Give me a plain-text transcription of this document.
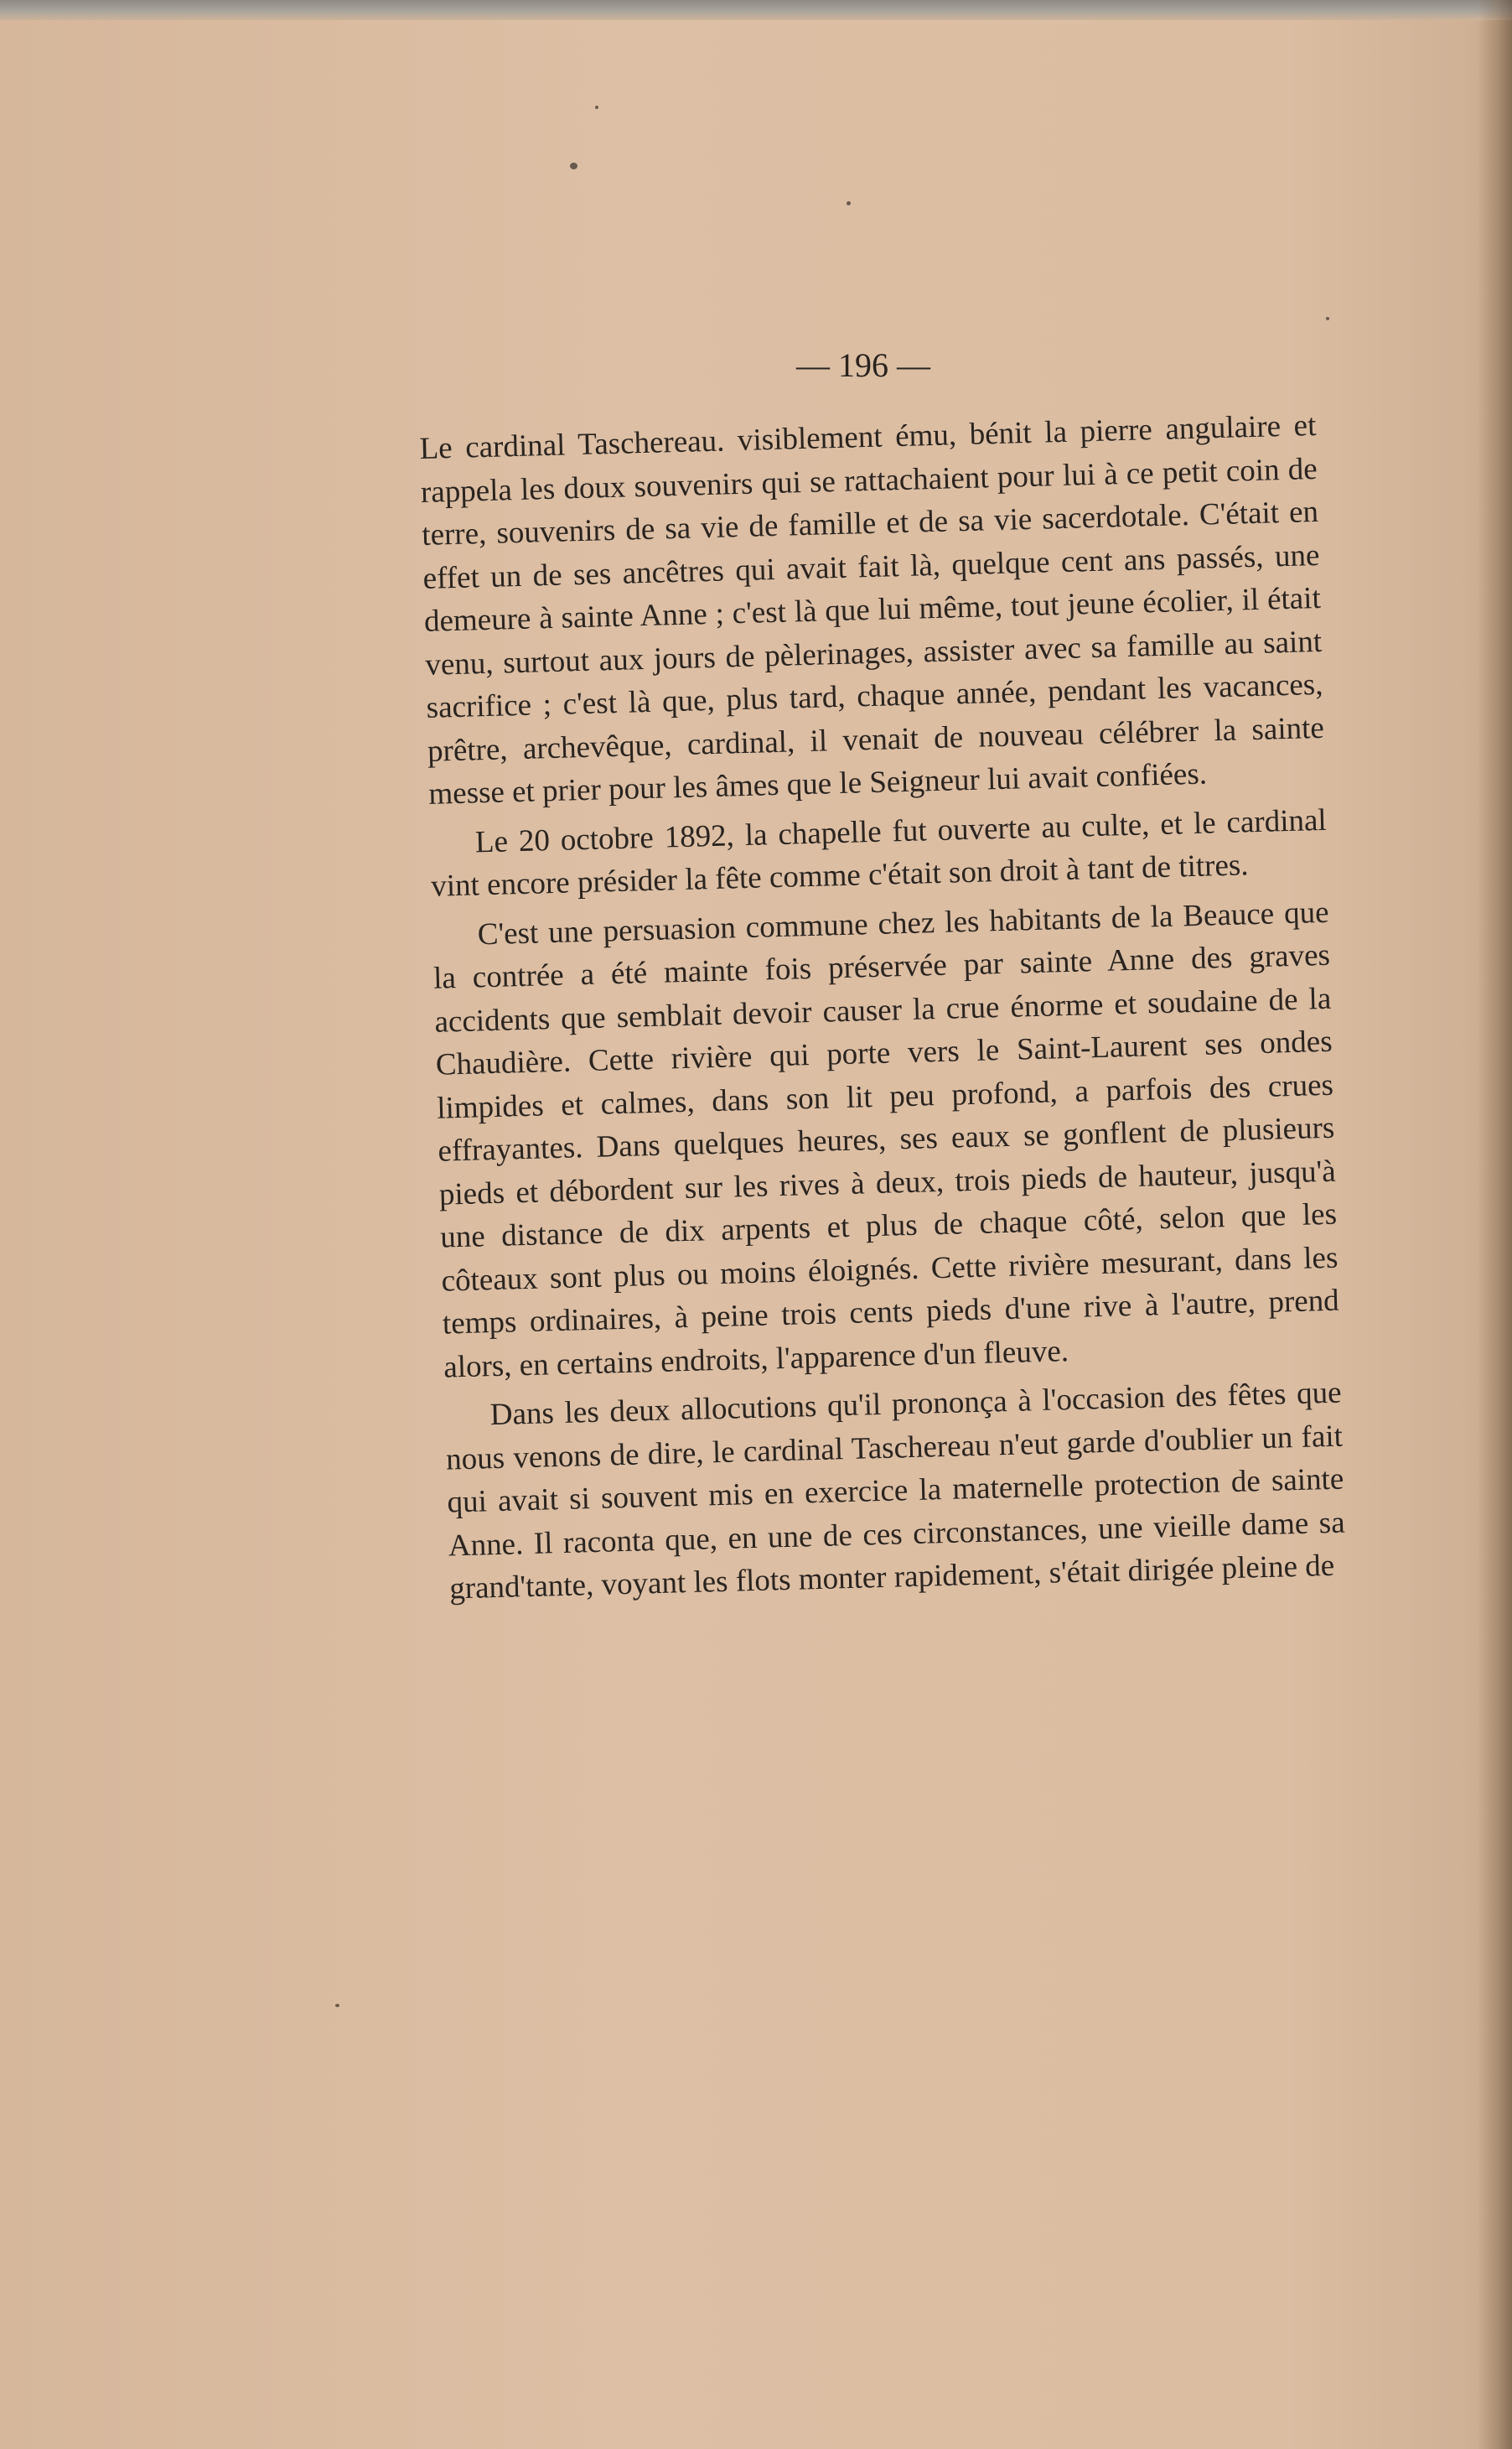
— 196 —

Le cardinal Taschereau. visiblement ému, bénit la pierre angulaire et rappela les doux souvenirs qui se rattachaient pour lui à ce petit coin de terre, souvenirs de sa vie de famille et de sa vie sacerdotale. C'était en effet un de ses ancêtres qui avait fait là, quelque cent ans passés, une demeure à sainte Anne ; c'est là que lui même, tout jeune écolier, il était venu, surtout aux jours de pèlerinages, assister avec sa famille au saint sacrifice ; c'est là que, plus tard, chaque année, pendant les vacances, prêtre, archevêque, cardinal, il venait de nouveau célébrer la sainte messe et prier pour les âmes que le Seigneur lui avait confiées.

Le 20 octobre 1892, la chapelle fut ouverte au culte, et le cardinal vint encore présider la fête comme c'était son droit à tant de titres.

C'est une persuasion commune chez les habitants de la Beauce que la contrée a été mainte fois préservée par sainte Anne des graves accidents que semblait devoir causer la crue énorme et soudaine de la Chaudière. Cette rivière qui porte vers le Saint-Laurent ses ondes limpides et calmes, dans son lit peu profond, a parfois des crues effrayantes. Dans quelques heures, ses eaux se gonflent de plusieurs pieds et débordent sur les rives à deux, trois pieds de hauteur, jusqu'à une distance de dix arpents et plus de chaque côté, selon que les côteaux sont plus ou moins éloignés. Cette rivière mesurant, dans les temps ordinaires, à peine trois cents pieds d'une rive à l'autre, prend alors, en certains endroits, l'apparence d'un fleuve.

Dans les deux allocutions qu'il prononça à l'occasion des fêtes que nous venons de dire, le cardinal Taschereau n'eut garde d'oublier un fait qui avait si souvent mis en exercice la maternelle protection de sainte Anne. Il raconta que, en une de ces circonstances, une vieille dame sa grand'tante, voyant les flots monter rapidement, s'était dirigée pleine de
